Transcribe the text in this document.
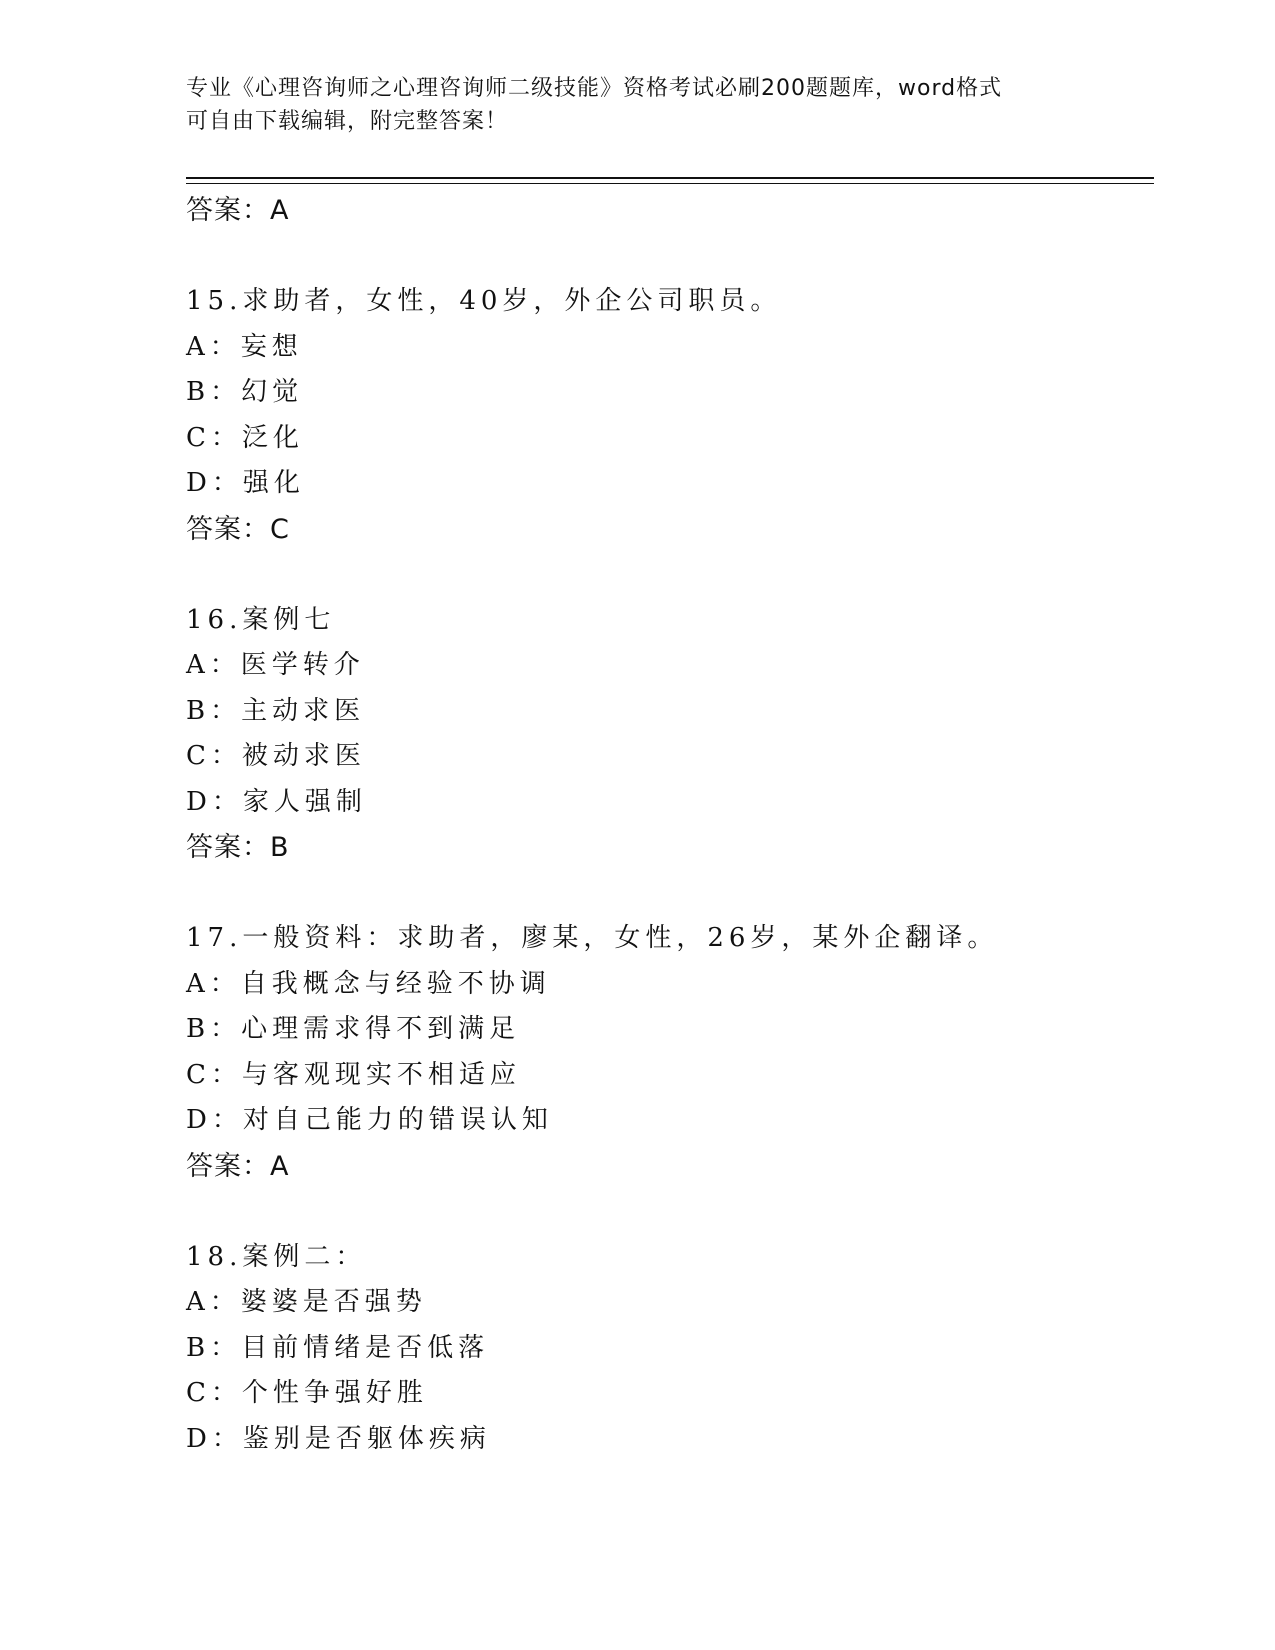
专业《心理咨询师之心理咨询师二级技能》资格考试必刷200题题库，word格式
可自由下载编辑，附完整答案！
答案：A
15.求助者，女性，40岁，外企公司职员。
A：妄想
B：幻觉
C：泛化
D：强化
答案：C
16.案例七
A：医学转介
B：主动求医
C：被动求医
D：家人强制
答案：B
17.一般资料：求助者，廖某，女性，26岁，某外企翻译。
A：自我概念与经验不协调
B：心理需求得不到满足
C：与客观现实不相适应
D：对自己能力的错误认知
答案：A
18.案例二：
A：婆婆是否强势
B：目前情绪是否低落
C：个性争强好胜
D：鉴别是否躯体疾病
